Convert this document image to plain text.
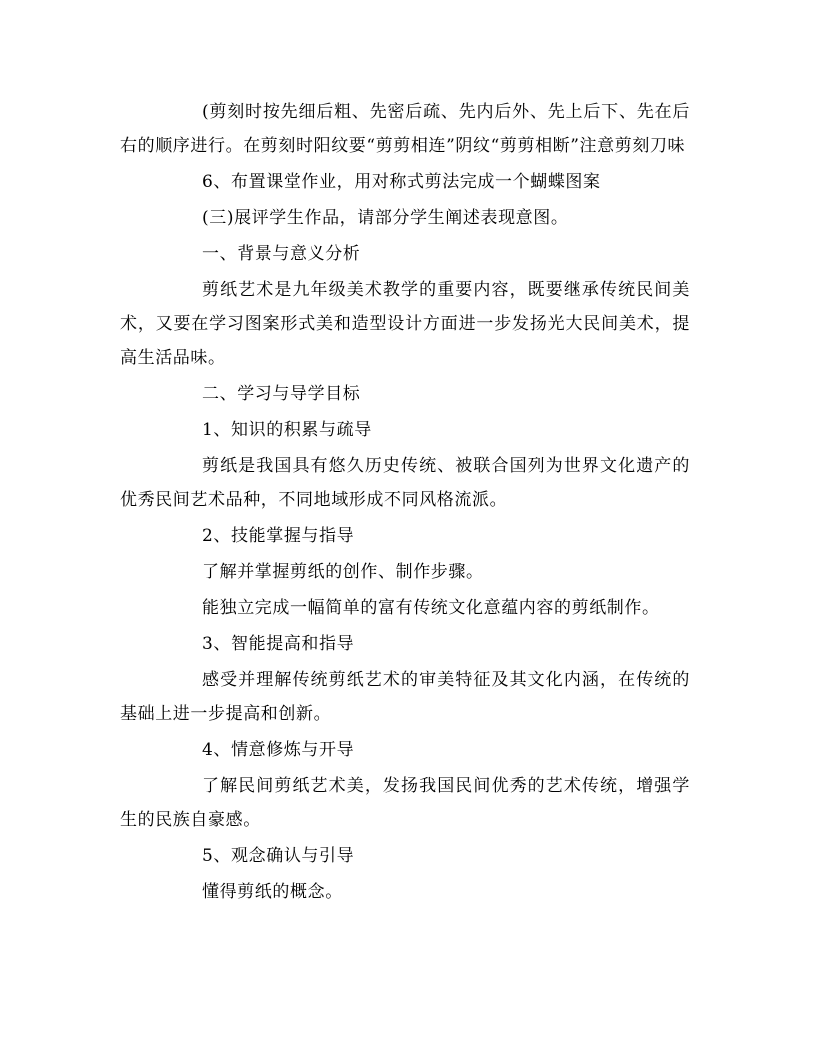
(剪刻时按先细后粗、先密后疏、先内后外、先上后下、先在后右的顺序进行。在剪刻时阳纹要“剪剪相连”阴纹“剪剪相断”注意剪刻刀味

6、布置课堂作业，用对称式剪法完成一个蝴蝶图案

(三)展评学生作品，请部分学生阐述表现意图。

一、背景与意义分析

剪纸艺术是九年级美术教学的重要内容，既要继承传统民间美术，又要在学习图案形式美和造型设计方面进一步发扬光大民间美术，提高生活品味。

二、学习与导学目标

1、知识的积累与疏导

剪纸是我国具有悠久历史传统、被联合国列为世界文化遗产的优秀民间艺术品种，不同地域形成不同风格流派。

2、技能掌握与指导

了解并掌握剪纸的创作、制作步骤。

能独立完成一幅简单的富有传统文化意蕴内容的剪纸制作。

3、智能提高和指导

感受并理解传统剪纸艺术的审美特征及其文化内涵，在传统的基础上进一步提高和创新。

4、情意修炼与开导

了解民间剪纸艺术美，发扬我国民间优秀的艺术传统，增强学生的民族自豪感。

5、观念确认与引导

懂得剪纸的概念。
